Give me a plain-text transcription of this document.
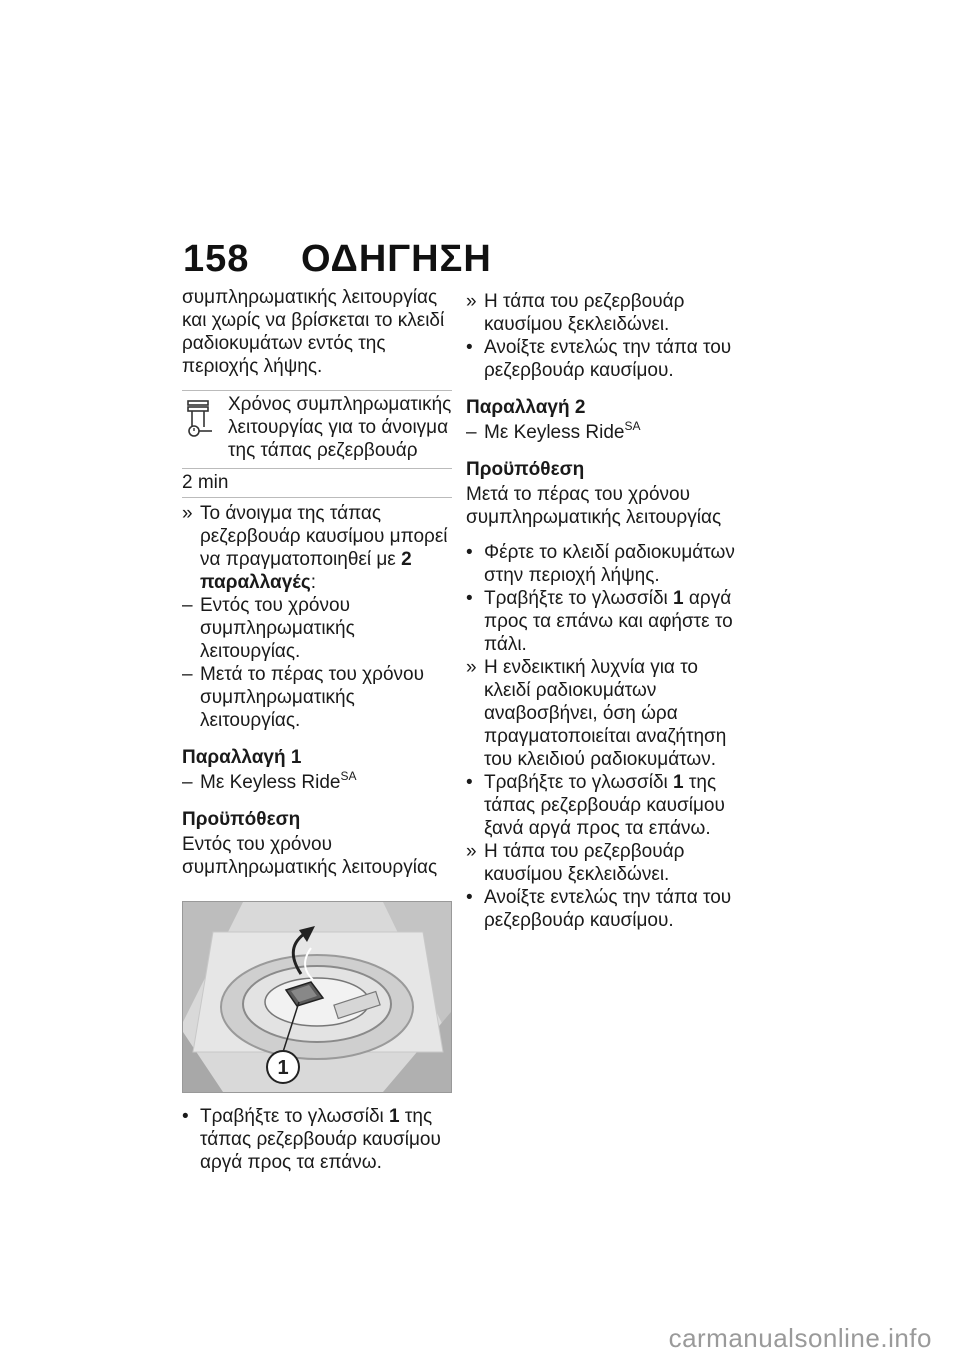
158 ΟΔΗΓΗΣΗ

συμπληρωματικής λειτουργίας και χωρίς να βρίσκεται το κλειδί ραδιοκυμάτων εντός της περιοχής λήψης.

Χρόνος συμπληρωματικής λειτουργίας για το άνοιγμα της τάπας ρεζερβουάρ
2 min
» Το άνοιγμα της τάπας ρεζερβουάρ καυσίμου μπορεί να πραγματοποιηθεί με 2 παραλλαγές:
– Εντός του χρόνου συμπληρωματικής λειτουργίας.
– Μετά το πέρας του χρόνου συμπληρωματικής λειτουργίας.
Παραλλαγή 1
– Με Keyless Ride$^{SA}$
Προϋπόθεση

Εντός του χρόνου συμπληρωματικής λειτουργίας

1
• Τραβήξτε το γλωσσίδι 1 της τάπας ρεζερβουάρ καυσίμου αργά προς τα επάνω.
» Η τάπα του ρεζερβουάρ καυσίμου ξεκλειδώνει.
• Ανοίξτε εντελώς την τάπα του ρεζερβουάρ καυσίμου.
Παραλλαγή 2
– Με Keyless Ride$^{SA}$
Προϋπόθεση

Μετά το πέρας του χρόνου συμπληρωματικής λειτουργίας

• Φέρτε το κλειδί ραδιοκυμάτων στην περιοχή λήψης.
• Τραβήξτε το γλωσσίδι 1 αργά προς τα επάνω και αφήστε το πάλι.
» Η ενδεικτική λυχνία για το κλειδί ραδιοκυμάτων αναβοσβήνει, όση ώρα πραγματοποιείται αναζήτηση του κλειδιού ραδιοκυμάτων.
• Τραβήξτε το γλωσσίδι 1 της τάπας ρεζερβουάρ καυσίμου ξανά αργά προς τα επάνω.
» Η τάπα του ρεζερβουάρ καυσίμου ξεκλειδώνει.
• Ανοίξτε εντελώς την τάπα του ρεζερβουάρ καυσίμου.
carmanualsonline.info
